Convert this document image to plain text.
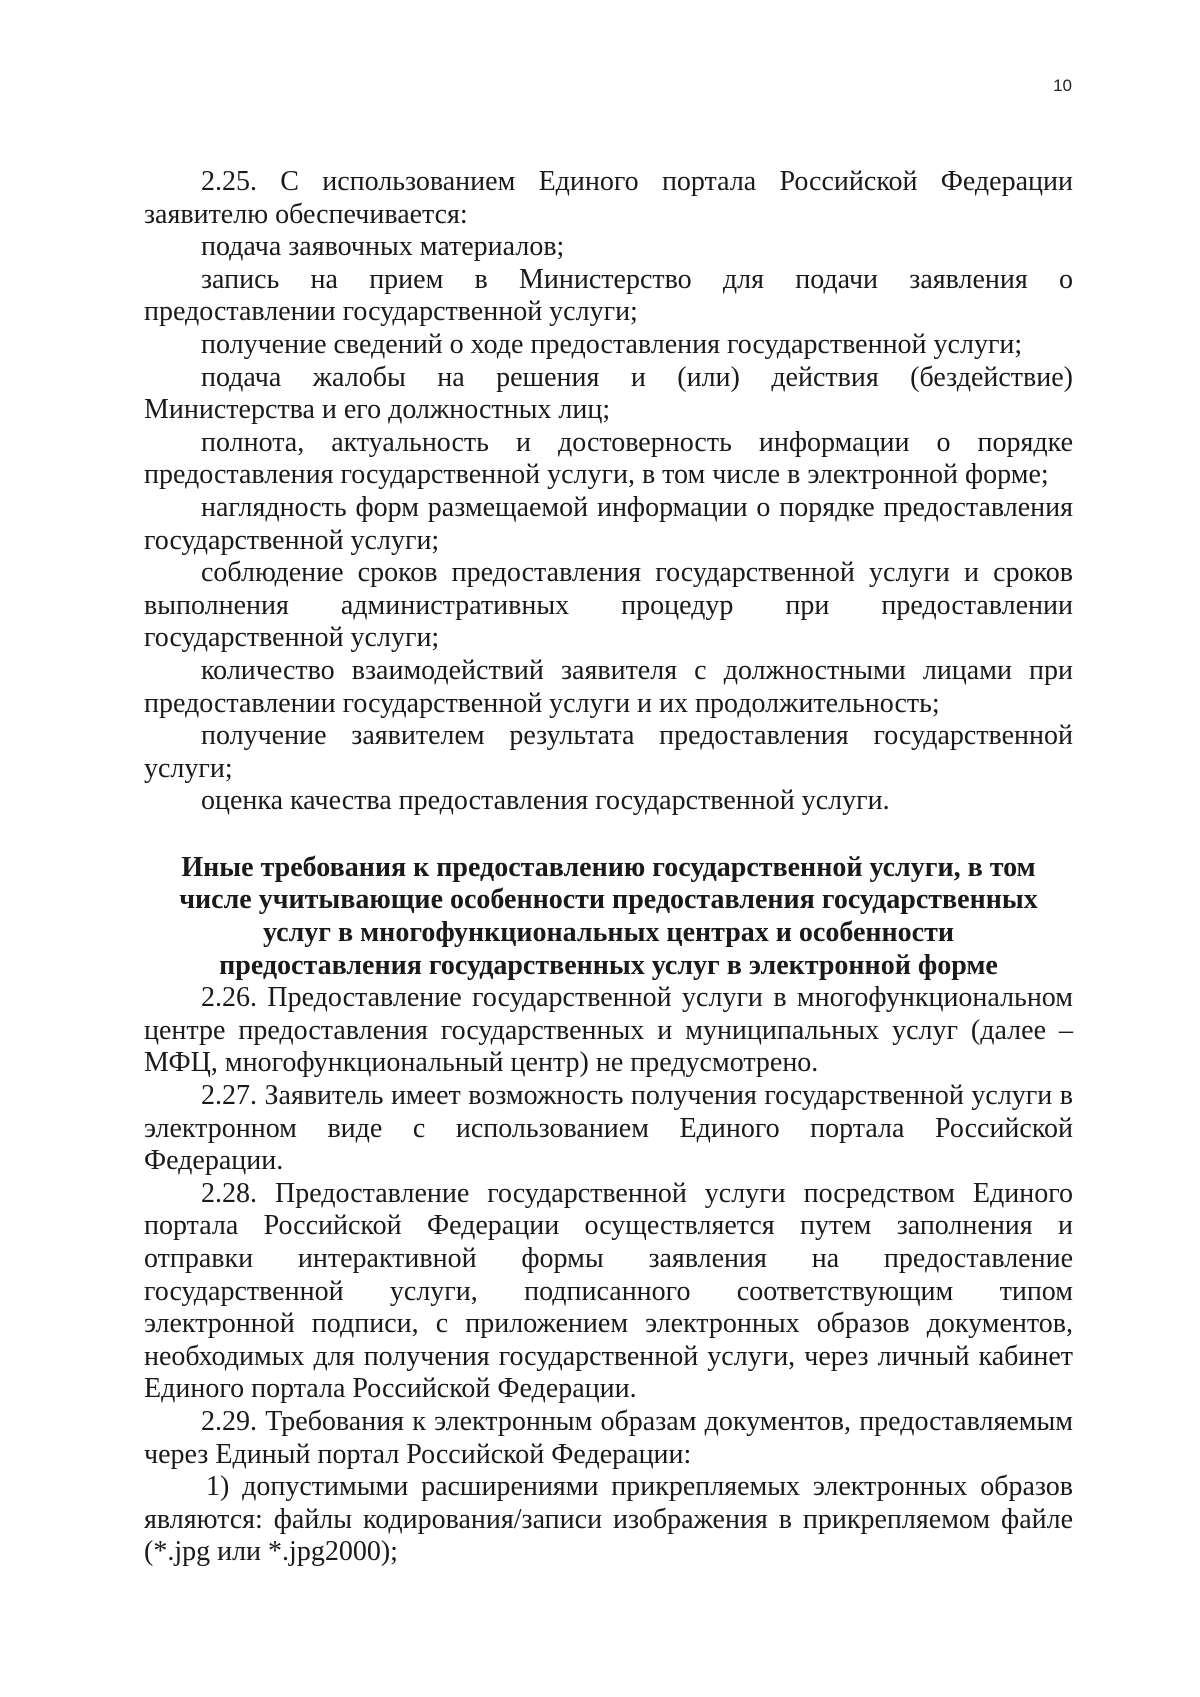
10

2.25. С использованием Единого портала Российской Федерации заявителю обеспечивается:

подача заявочных материалов;

запись на прием в Министерство для подачи заявления о предоставлении государственной услуги;

получение сведений о ходе предоставления государственной услуги;

подача жалобы на решения и (или) действия (бездействие) Министерства и его должностных лиц;

полнота, актуальность и достоверность информации о порядке предоставления государственной услуги, в том числе в электронной форме;

наглядность форм размещаемой информации о порядке предоставления государственной услуги;

соблюдение сроков предоставления государственной услуги и сроков выполнения административных процедур при предоставлении государственной услуги;

количество взаимодействий заявителя с должностными лицами при предоставлении государственной услуги и их продолжительность;

получение заявителем результата предоставления государственной услуги;

оценка качества предоставления государственной услуги.

Иные требования к предоставлению государственной услуги, в том числе учитывающие особенности предоставления государственных услуг в многофункциональных центрах и особенности предоставления государственных услуг в электронной форме

2.26. Предоставление государственной услуги в многофункциональном центре предоставления государственных и муниципальных услуг (далее – МФЦ, многофункциональный центр) не предусмотрено.

2.27. Заявитель имеет возможность получения государственной услуги в электронном виде с использованием Единого портала Российской Федерации.

2.28. Предоставление государственной услуги посредством Единого портала Российской Федерации осуществляется путем заполнения и отправки интерактивной формы заявления на предоставление государственной услуги, подписанного соответствующим типом электронной подписи, с приложением электронных образов документов, необходимых для получения государственной услуги, через личный кабинет Единого портала Российской Федерации.

2.29. Требования к электронным образам документов, предоставляемым через Единый портал Российской Федерации:

1) допустимыми расширениями прикрепляемых электронных образов являются: файлы кодирования/записи изображения в прикрепляемом файле (*.jpg или *.jpg2000);
